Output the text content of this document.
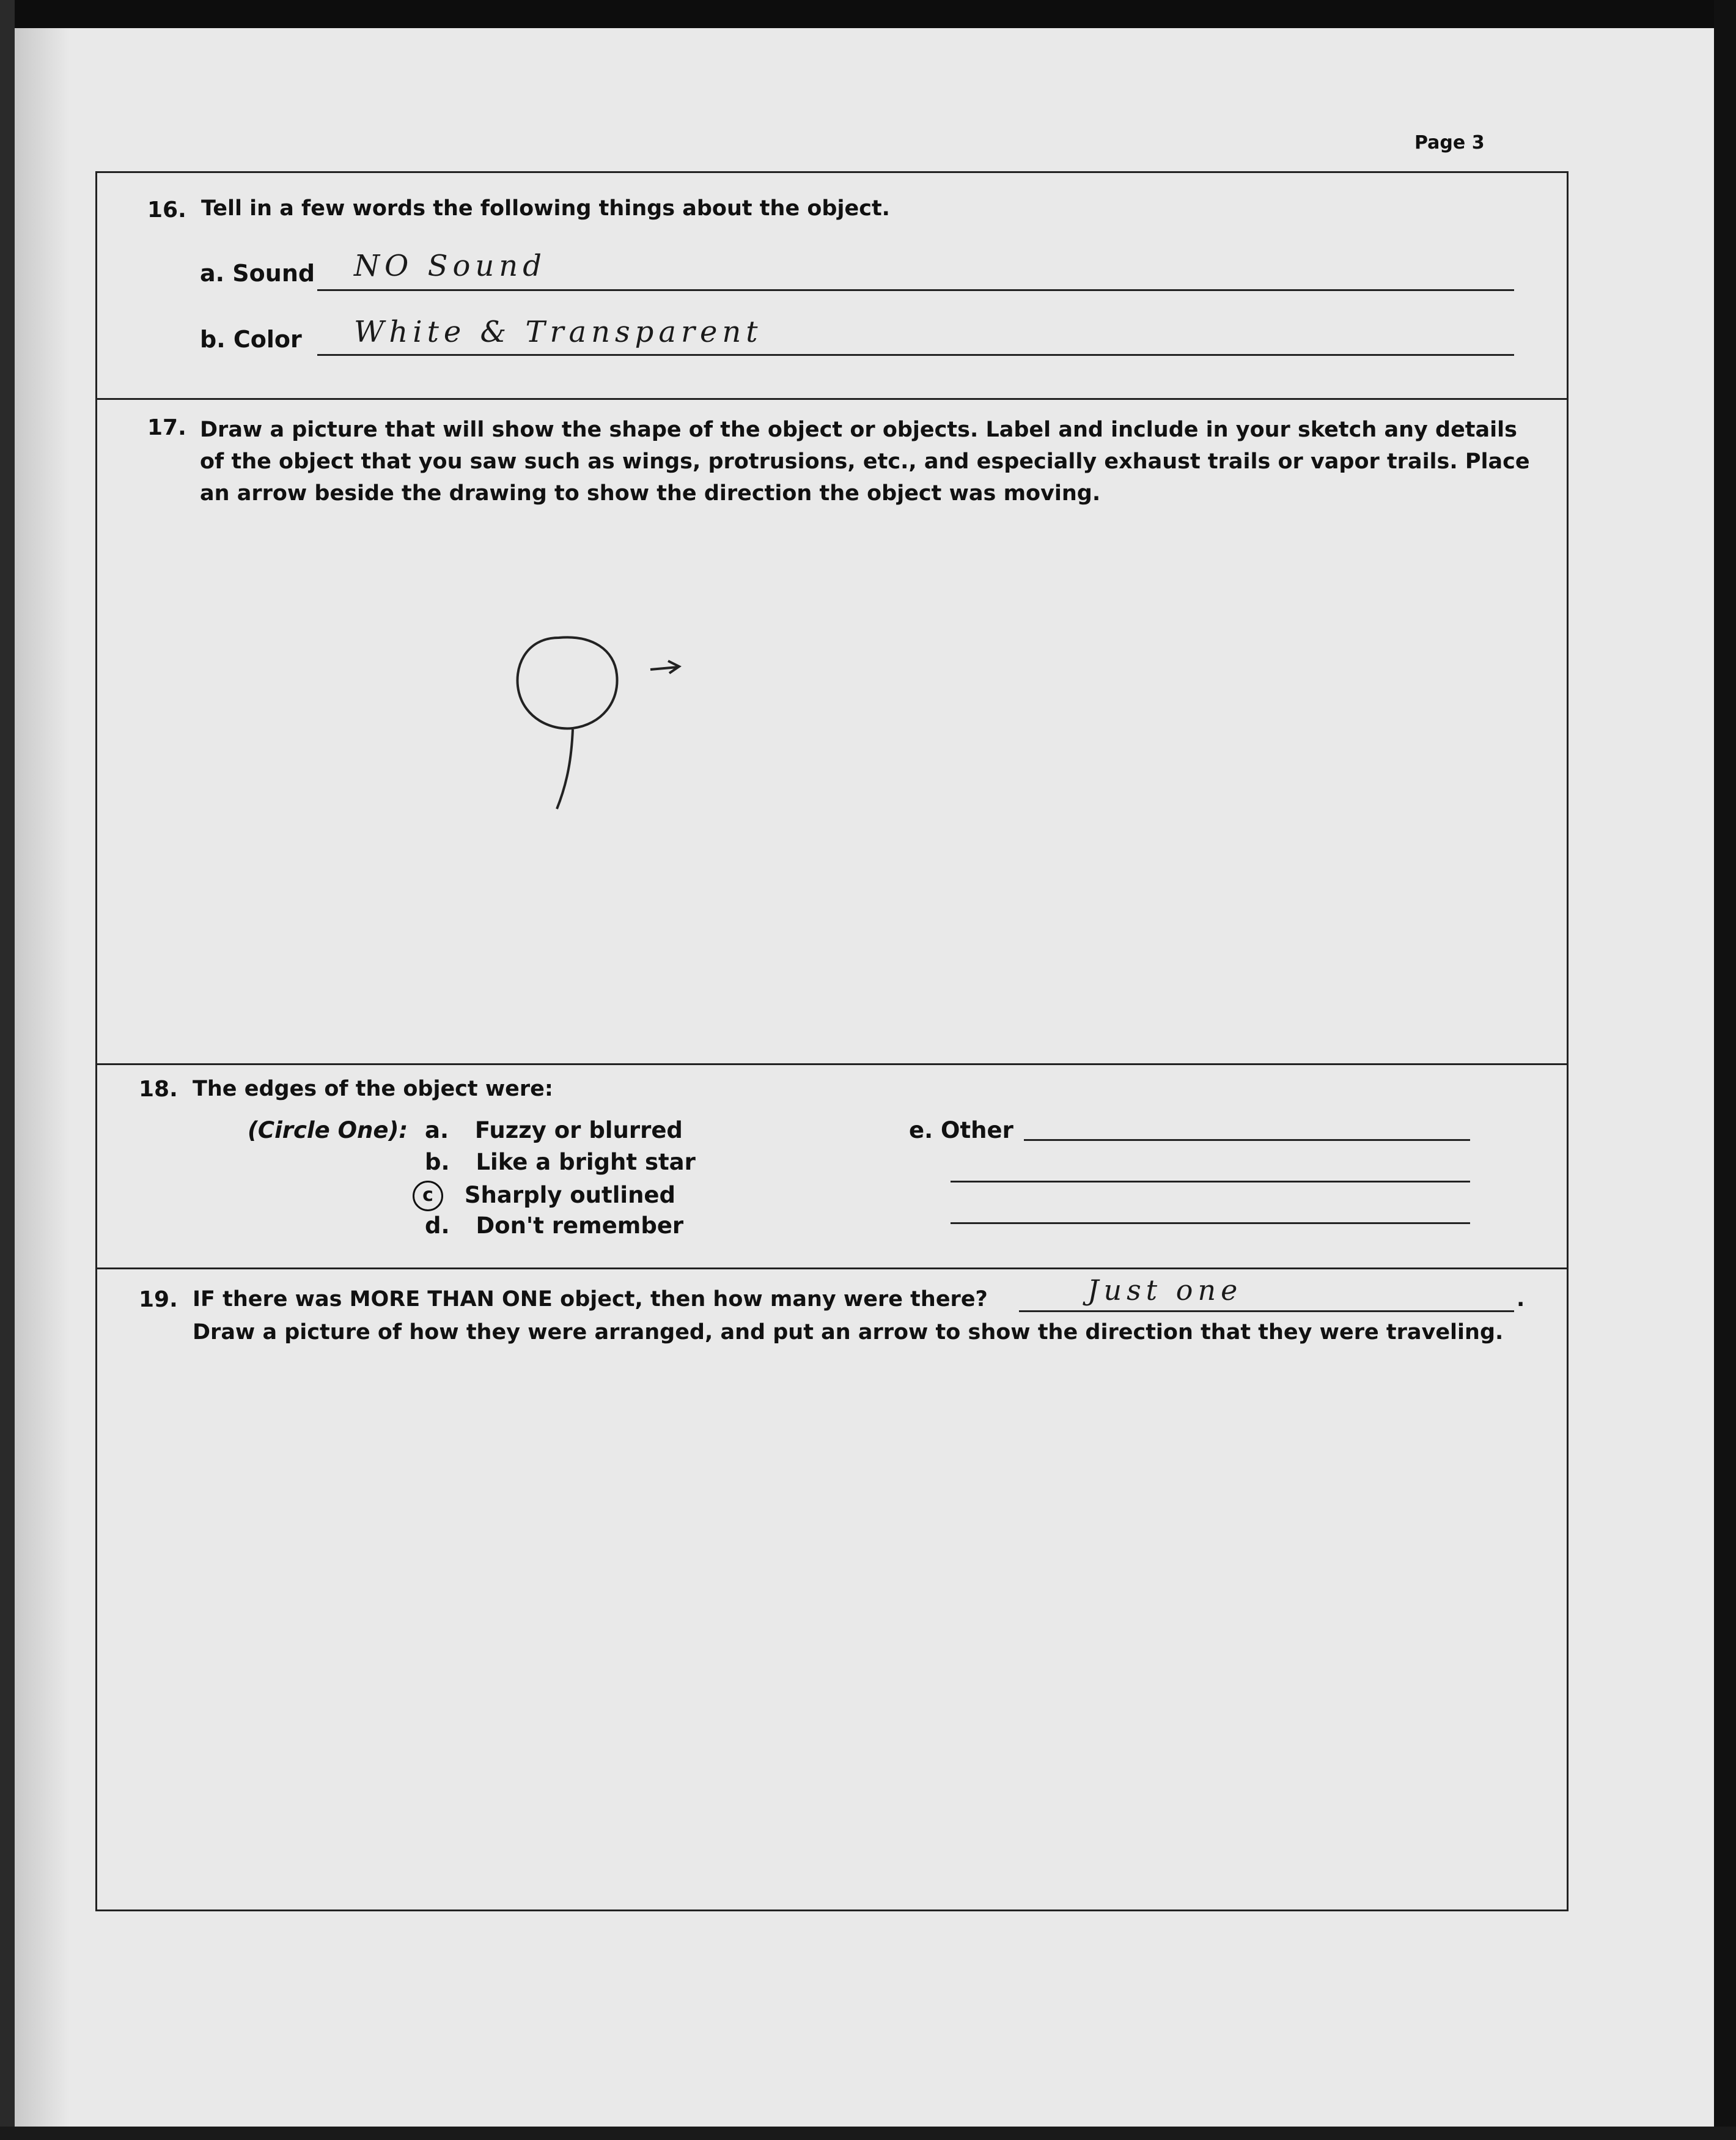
Page 3
16. Tell in a few words the following things about the object.
a. Sound NO Sound
b. Color White & Transparent
17. Draw a picture that will show the shape of the object or objects. Label and include in your sketch any details
of the object that you saw such as wings, protrusions, etc., and especially exhaust trails or vapor trails. Place
an arrow beside the drawing to show the direction the object was moving.
18. The edges of the object were:
(Circle One): a. Fuzzy or blurred
b. Like a bright star
c Sharply outlined
d. Don't remember
e. Other
19. IF there was MORE THAN ONE object, then how many were there?	Just one	.
Draw a picture of how they were arranged, and put an arrow to show the direction that they were traveling.
